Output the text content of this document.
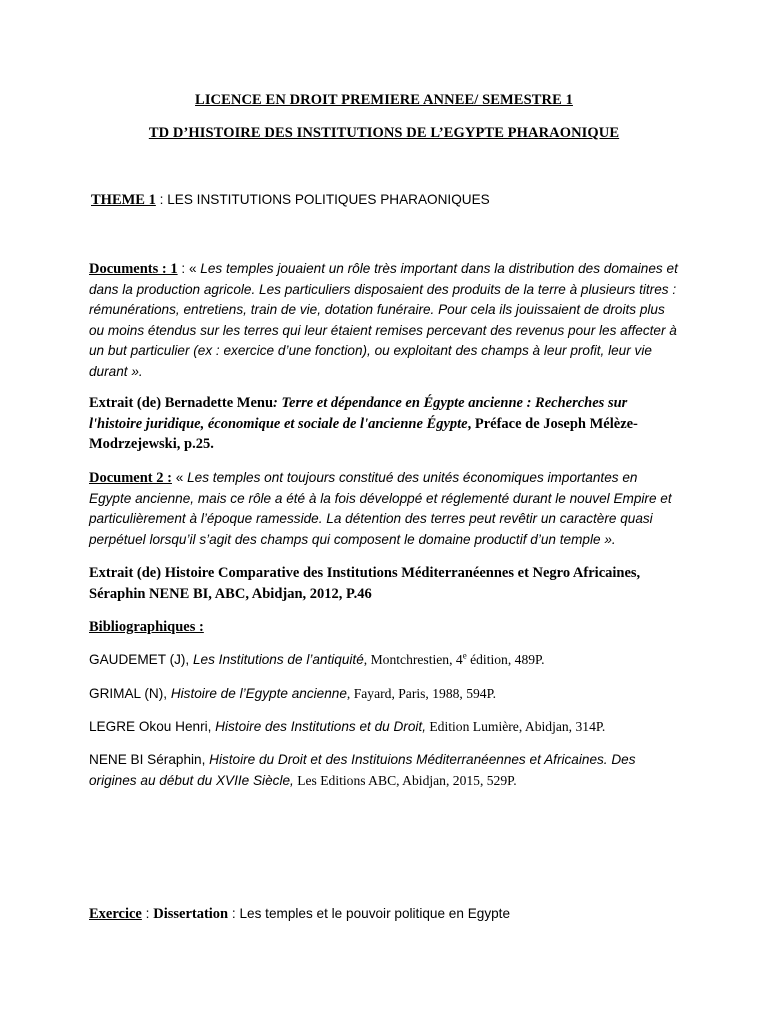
LICENCE EN DROIT PREMIERE ANNEE/ SEMESTRE 1
TD D’HISTOIRE DES INSTITUTIONS DE L’EGYPTE PHARAONIQUE
THEME 1 : LES INSTITUTIONS POLITIQUES PHARAONIQUES
Documents : 1 : « Les temples jouaient un rôle très important dans la distribution des domaines et dans la production agricole. Les particuliers disposaient des produits de la terre à plusieurs titres : rémunérations, entretiens, train de vie, dotation funéraire. Pour cela ils jouissaient de droits plus ou moins étendus sur les terres qui leur étaient remises percevant des revenus pour les affecter à un but particulier (ex : exercice d’une fonction), ou exploitant des champs à leur profit, leur vie durant ».
Extrait (de) Bernadette Menu: Terre et dépendance en Égypte ancienne : Recherches sur l'histoire juridique, économique et sociale de l'ancienne Égypte, Préface de Joseph Mélèze-Modrzejewski, p.25.
Document 2 : « Les temples ont toujours constitué des unités économiques importantes en Egypte ancienne, mais ce rôle a été à la fois développé et réglementé durant le nouvel Empire et particulièrement à l’époque ramesside. La détention des terres peut revêtir un caractère quasi perpétuel lorsqu’il s’agit des champs qui composent le domaine productif d’un temple ».
Extrait (de) Histoire Comparative des Institutions Méditerranéennes et Negro Africaines, Séraphin NENE BI, ABC, Abidjan, 2012, P.46
Bibliographiques :
GAUDEMET (J), Les Institutions de l’antiquité, Montchrestien, 4e édition, 489P.
GRIMAL (N), Histoire de l’Egypte ancienne, Fayard, Paris, 1988, 594P.
LEGRE Okou Henri, Histoire des Institutions et du Droit, Edition Lumière, Abidjan, 314P.
NENE BI Séraphin, Histoire du Droit et des Instituions Méditerranéennes et Africaines. Des origines au début du XVIIe Siècle, Les Editions ABC, Abidjan, 2015, 529P.
Exercice : Dissertation : Les temples et le pouvoir politique en Egypte
